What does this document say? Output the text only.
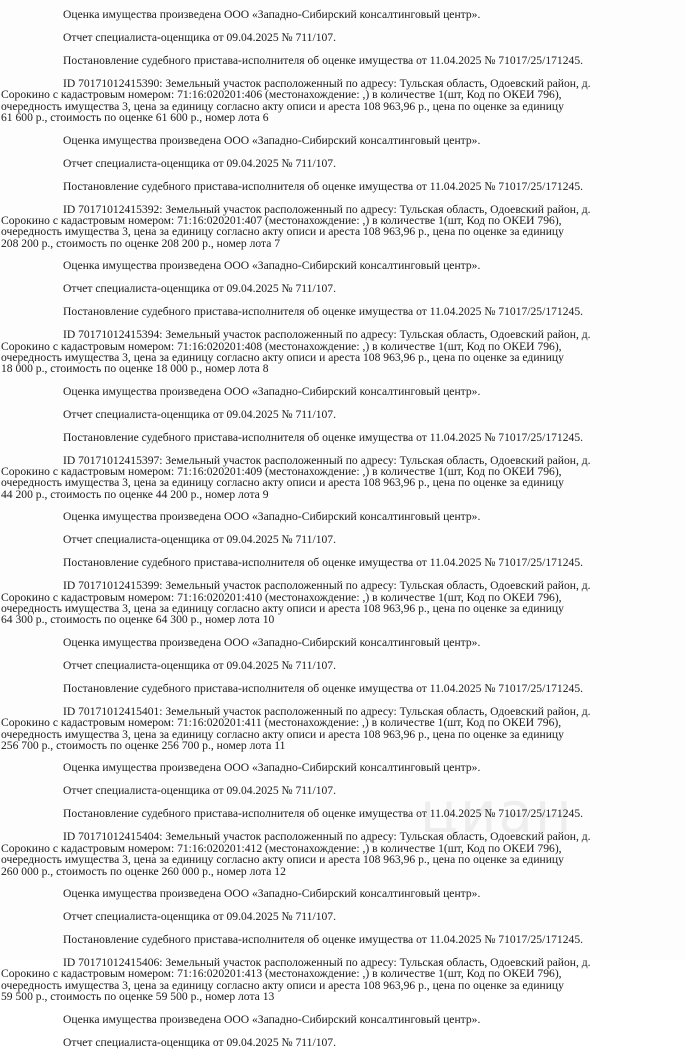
циан

Оценка имущества произведена ООО «Западно-Сибирский консалтинговый центр».

Отчет специалиста-оценщика от 09.04.2025 № 711/107.

Постановление судебного пристава-исполнителя об оценке имущества от 11.04.2025 № 71017/25/171245.

ID 70171012415390: Земельный участок расположенный по адресу: Тульская область, Одоевский район, д.
Сорокино с кадастровым номером: 71:16:020201:406 (местонахождение: ,) в количестве 1(шт, Код по ОКЕИ 796),
очередность имущества 3, цена за единицу согласно акту описи и ареста 108 963,96 р., цена по оценке за единицу
61 600 р., стоимость по оценке 61 600 р., номер лота 6

Оценка имущества произведена ООО «Западно-Сибирский консалтинговый центр».

Отчет специалиста-оценщика от 09.04.2025 № 711/107.

Постановление судебного пристава-исполнителя об оценке имущества от 11.04.2025 № 71017/25/171245.

ID 70171012415392: Земельный участок расположенный по адресу: Тульская область, Одоевский район, д.
Сорокино с кадастровым номером: 71:16:020201:407 (местонахождение: ,) в количестве 1(шт, Код по ОКЕИ 796),
очередность имущества 3, цена за единицу согласно акту описи и ареста 108 963,96 р., цена по оценке за единицу
208 200 р., стоимость по оценке 208 200 р., номер лота 7

Оценка имущества произведена ООО «Западно-Сибирский консалтинговый центр».

Отчет специалиста-оценщика от 09.04.2025 № 711/107.

Постановление судебного пристава-исполнителя об оценке имущества от 11.04.2025 № 71017/25/171245.

ID 70171012415394: Земельный участок расположенный по адресу: Тульская область, Одоевский район, д.
Сорокино с кадастровым номером: 71:16:020201:408 (местонахождение: ,) в количестве 1(шт, Код по ОКЕИ 796),
очередность имущества 3, цена за единицу согласно акту описи и ареста 108 963,96 р., цена по оценке за единицу
18 000 р., стоимость по оценке 18 000 р., номер лота 8

Оценка имущества произведена ООО «Западно-Сибирский консалтинговый центр».

Отчет специалиста-оценщика от 09.04.2025 № 711/107.

Постановление судебного пристава-исполнителя об оценке имущества от 11.04.2025 № 71017/25/171245.

ID 70171012415397: Земельный участок расположенный по адресу: Тульская область, Одоевский район, д.
Сорокино с кадастровым номером: 71:16:020201:409 (местонахождение: ,) в количестве 1(шт, Код по ОКЕИ 796),
очередность имущества 3, цена за единицу согласно акту описи и ареста 108 963,96 р., цена по оценке за единицу
44 200 р., стоимость по оценке 44 200 р., номер лота 9

Оценка имущества произведена ООО «Западно-Сибирский консалтинговый центр».

Отчет специалиста-оценщика от 09.04.2025 № 711/107.

Постановление судебного пристава-исполнителя об оценке имущества от 11.04.2025 № 71017/25/171245.

ID 70171012415399: Земельный участок расположенный по адресу: Тульская область, Одоевский район, д.
Сорокино с кадастровым номером: 71:16:020201:410 (местонахождение: ,) в количестве 1(шт, Код по ОКЕИ 796),
очередность имущества 3, цена за единицу согласно акту описи и ареста 108 963,96 р., цена по оценке за единицу
64 300 р., стоимость по оценке 64 300 р., номер лота 10

Оценка имущества произведена ООО «Западно-Сибирский консалтинговый центр».

Отчет специалиста-оценщика от 09.04.2025 № 711/107.

Постановление судебного пристава-исполнителя об оценке имущества от 11.04.2025 № 71017/25/171245.

ID 70171012415401: Земельный участок расположенный по адресу: Тульская область, Одоевский район, д.
Сорокино с кадастровым номером: 71:16:020201:411 (местонахождение: ,) в количестве 1(шт, Код по ОКЕИ 796),
очередность имущества 3, цена за единицу согласно акту описи и ареста 108 963,96 р., цена по оценке за единицу
256 700 р., стоимость по оценке 256 700 р., номер лота 11

Оценка имущества произведена ООО «Западно-Сибирский консалтинговый центр».

Отчет специалиста-оценщика от 09.04.2025 № 711/107.

Постановление судебного пристава-исполнителя об оценке имущества от 11.04.2025 № 71017/25/171245.

ID 70171012415404: Земельный участок расположенный по адресу: Тульская область, Одоевский район, д.
Сорокино с кадастровым номером: 71:16:020201:412 (местонахождение: ,) в количестве 1(шт, Код по ОКЕИ 796),
очередность имущества 3, цена за единицу согласно акту описи и ареста 108 963,96 р., цена по оценке за единицу
260 000 р., стоимость по оценке 260 000 р., номер лота 12

Оценка имущества произведена ООО «Западно-Сибирский консалтинговый центр».

Отчет специалиста-оценщика от 09.04.2025 № 711/107.

Постановление судебного пристава-исполнителя об оценке имущества от 11.04.2025 № 71017/25/171245.

ID 70171012415406: Земельный участок расположенный по адресу: Тульская область, Одоевский район, д.
Сорокино с кадастровым номером: 71:16:020201:413 (местонахождение: ,) в количестве 1(шт, Код по ОКЕИ 796),
очередность имущества 3, цена за единицу согласно акту описи и ареста 108 963,96 р., цена по оценке за единицу
59 500 р., стоимость по оценке 59 500 р., номер лота 13

Оценка имущества произведена ООО «Западно-Сибирский консалтинговый центр».

Отчет специалиста-оценщика от 09.04.2025 № 711/107.
